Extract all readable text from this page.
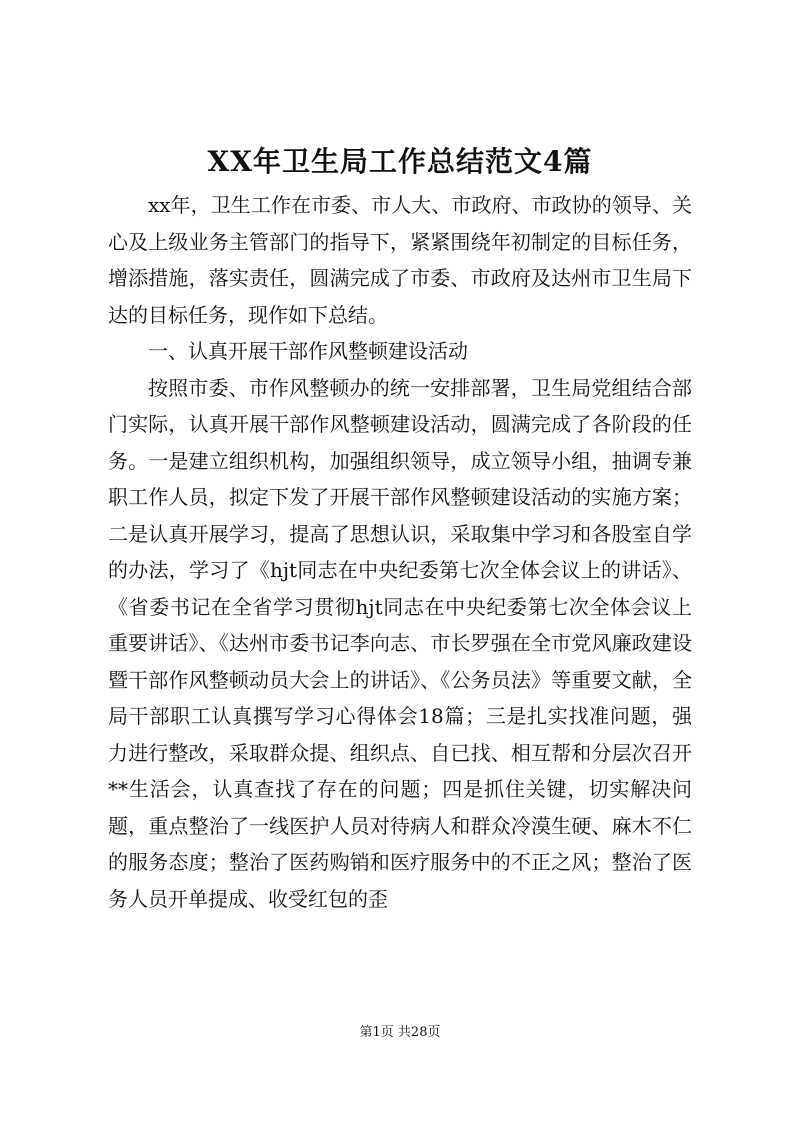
XX年卫生局工作总结范文4篇

xx年，卫生工作在市委、市人大、市政府、市政协的领导、关心及上级业务主管部门的指导下，紧紧围绕年初制定的目标任务，增添措施，落实责任，圆满完成了市委、市政府及达州市卫生局下达的目标任务，现作如下总结。

一、认真开展干部作风整顿建设活动

按照市委、市作风整顿办的统一安排部署，卫生局党组结合部门实际，认真开展干部作风整顿建设活动，圆满完成了各阶段的任务。一是建立组织机构，加强组织领导，成立领导小组，抽调专兼职工作人员，拟定下发了开展干部作风整顿建设活动的实施方案；二是认真开展学习，提高了思想认识，采取集中学习和各股室自学的办法，学习了《hjt同志在中央纪委第七次全体会议上的讲话》、《省委书记在全省学习贯彻hjt同志在中央纪委第七次全体会议上重要讲话》、《达州市委书记李向志、市长罗强在全市党风廉政建设暨干部作风整顿动员大会上的讲话》、《公务员法》等重要文献，全局干部职工认真撰写学习心得体会18篇；三是扎实找准问题，强力进行整改，采取群众提、组织点、自已找、相互帮和分层次召开**生活会，认真查找了存在的问题；四是抓住关键，切实解决问题，重点整治了一线医护人员对待病人和群众冷漠生硬、麻木不仁的服务态度；整治了医药购销和医疗服务中的不正之风；整治了医务人员开单提成、收受红包的歪

第1页 共28页
